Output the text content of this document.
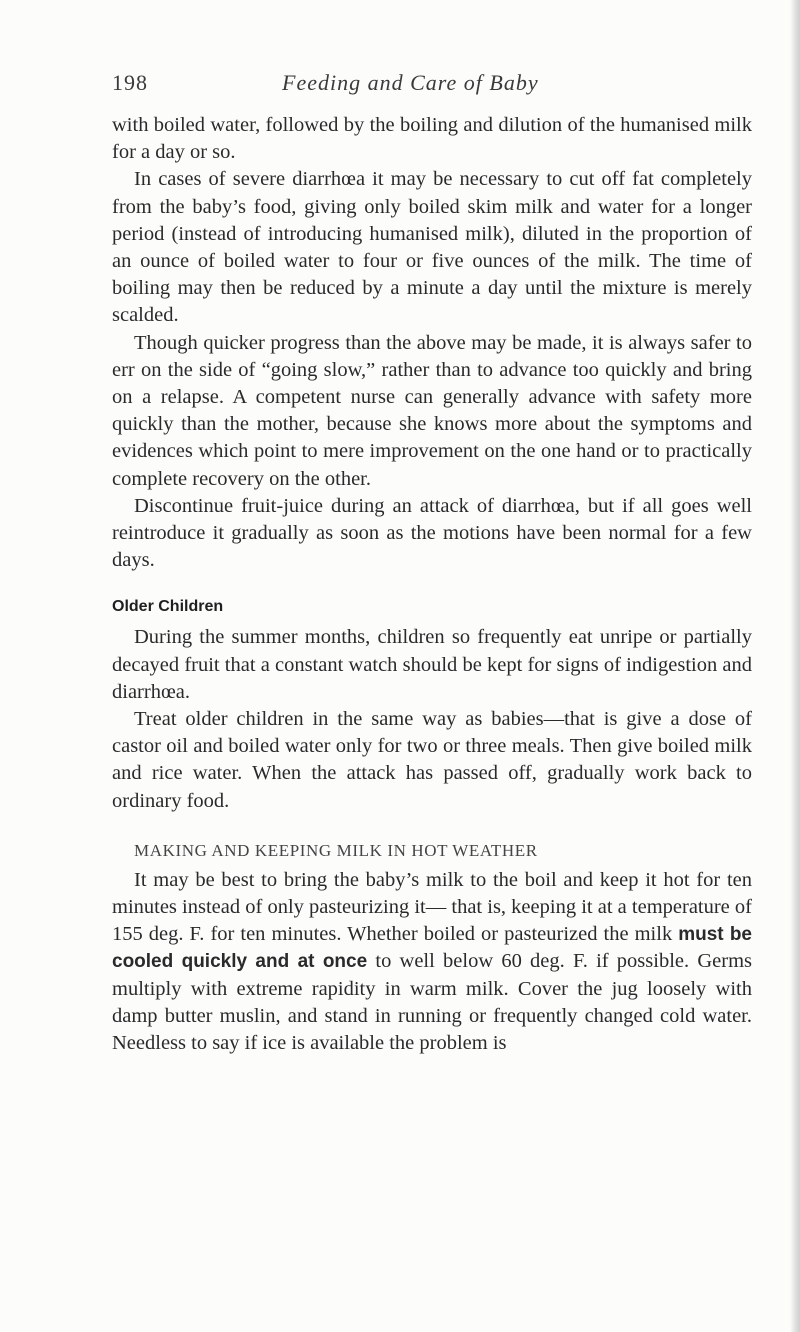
198	Feeding and Care of Baby

with boiled water, followed by the boiling and dilution of the humanised milk for a day or so.

In cases of severe diarrhœa it may be necessary to cut off fat completely from the baby’s food, giving only boiled skim milk and water for a longer period (instead of introducing humanised milk), diluted in the proportion of an ounce of boiled water to four or five ounces of the milk. The time of boiling may then be reduced by a minute a day until the mixture is merely scalded.

Though quicker progress than the above may be made, it is always safer to err on the side of “going slow,” rather than to advance too quickly and bring on a relapse. A competent nurse can generally advance with safety more quickly than the mother, because she knows more about the symptoms and evidences which point to mere improvement on the one hand or to practically complete recovery on the other.

Discontinue fruit-juice during an attack of diarrhœa, but if all goes well reintroduce it gradually as soon as the motions have been normal for a few days.

Older Children

During the summer months, children so frequently eat unripe or partially decayed fruit that a constant watch should be kept for signs of indigestion and diarrhœa.

Treat older children in the same way as babies—that is give a dose of castor oil and boiled water only for two or three meals. Then give boiled milk and rice water. When the attack has passed off, gradually work back to ordinary food.

MAKING AND KEEPING MILK IN HOT WEATHER

It may be best to bring the baby’s milk to the boil and keep it hot for ten minutes instead of only pasteurizing it— that is, keeping it at a temperature of 155 deg. F. for ten minutes. Whether boiled or pasteurized the milk must be cooled quickly and at once to well below 60 deg. F. if possible. Germs multiply with extreme rapidity in warm milk. Cover the jug loosely with damp butter muslin, and stand in running or frequently changed cold water. Needless to say if ice is available the problem is
